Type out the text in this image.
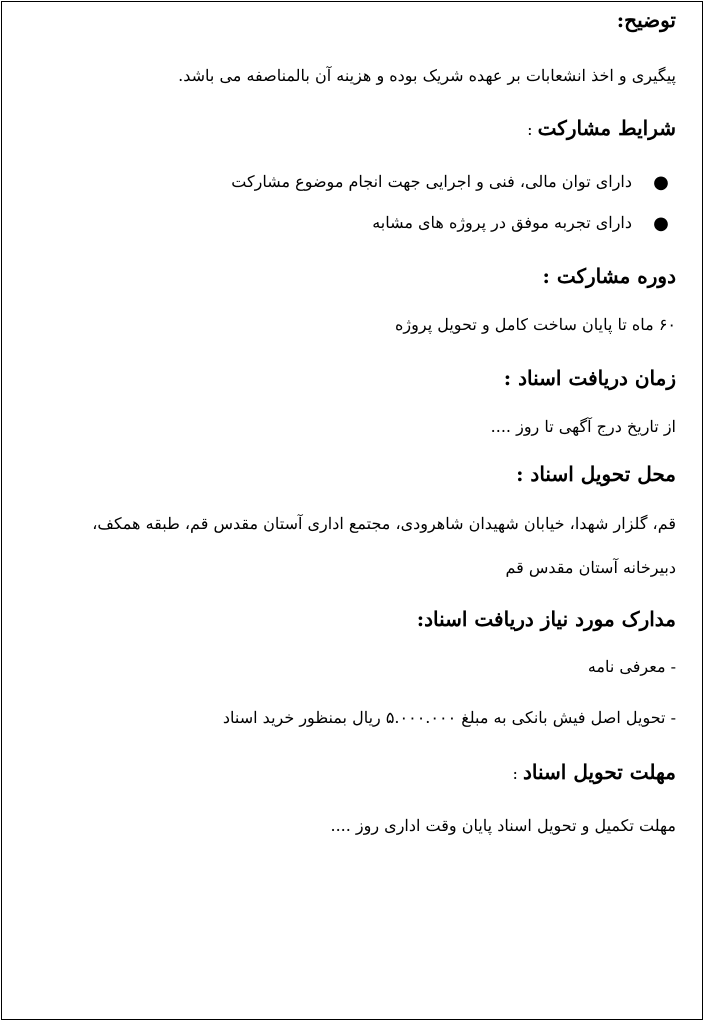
توضیح:
پیگیری و اخذ انشعابات بر عهده شریک بوده و هزینه آن بالمناصفه می باشد.
شرایط مشارکت :
●
دارای توان مالی، فنی و اجرایی جهت انجام موضوع مشارکت
●
دارای تجربه موفق در پروژه های مشابه
دوره مشارکت :
۶۰ ماه تا پایان ساخت کامل و تحویل پروژه
زمان دریافت اسناد :
از تاریخ درج آگهی تا روز ....
محل تحویل اسناد :
قم، گلزار شهدا، خیابان شهیدان شاهرودی، مجتمع اداری آستان مقدس قم، طبقه همکف،
دبیرخانه آستان مقدس قم
مدارک مورد نیاز دریافت اسناد:
- معرفی نامه
- تحویل اصل فیش بانکی به مبلغ ۵.۰۰۰.۰۰۰ ریال بمنظور خرید اسناد
مهلت تحویل اسناد :
مهلت تکمیل و تحویل اسناد پایان وقت اداری روز ....
